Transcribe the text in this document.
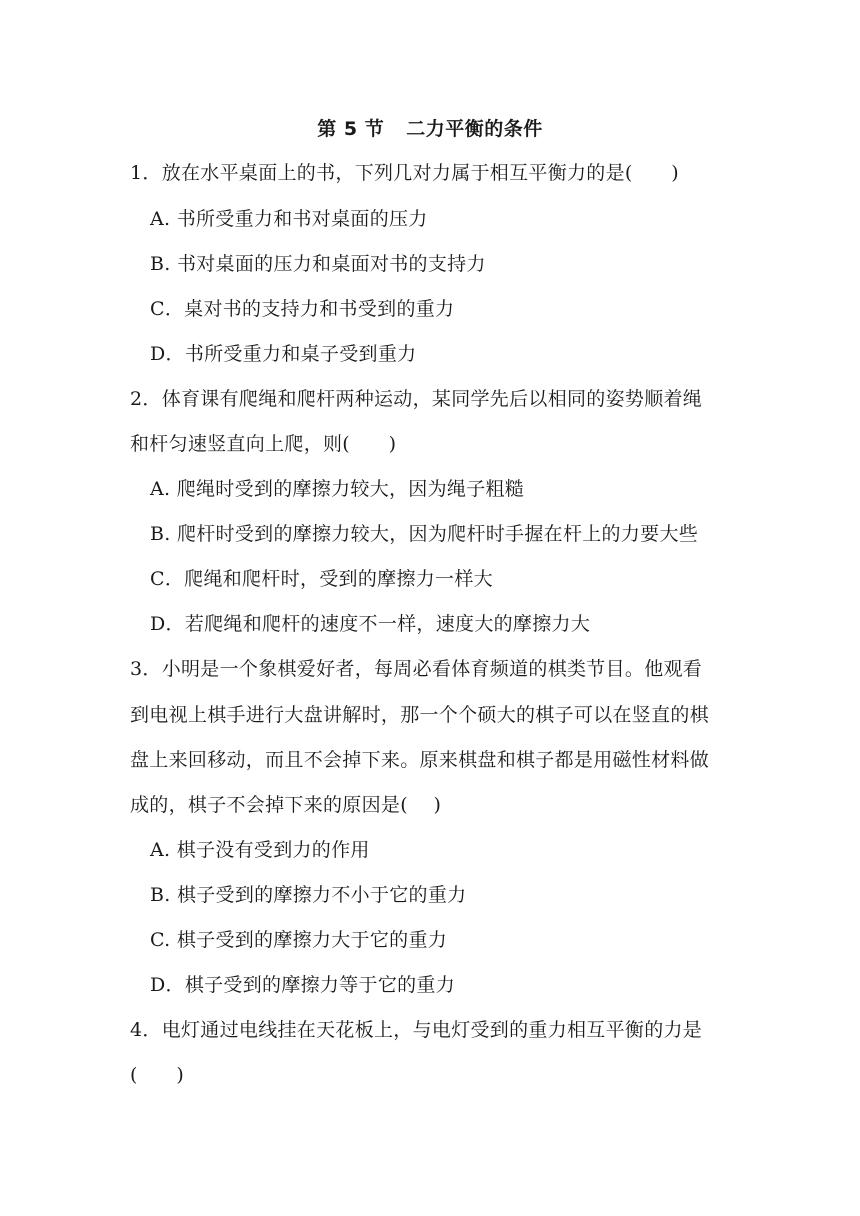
第 5 节 二力平衡的条件
1．放在水平桌面上的书，下列几对力属于相互平衡力的是(　　)
A. 书所受重力和书对桌面的压力
B. 书对桌面的压力和桌面对书的支持力
C．桌对书的支持力和书受到的重力
D．书所受重力和桌子受到重力
2．体育课有爬绳和爬杆两种运动，某同学先后以相同的姿势顺着绳
和杆匀速竖直向上爬，则(　　)
A. 爬绳时受到的摩擦力较大，因为绳子粗糙
B. 爬杆时受到的摩擦力较大，因为爬杆时手握在杆上的力要大些
C．爬绳和爬杆时，受到的摩擦力一样大
D．若爬绳和爬杆的速度不一样，速度大的摩擦力大
3．小明是一个象棋爱好者，每周必看体育频道的棋类节目。他观看
到电视上棋手进行大盘讲解时，那一个个硕大的棋子可以在竖直的棋
盘上来回移动，而且不会掉下来。原来棋盘和棋子都是用磁性材料做
成的，棋子不会掉下来的原因是(　 )
A. 棋子没有受到力的作用
B. 棋子受到的摩擦力不小于它的重力
C. 棋子受到的摩擦力大于它的重力
D．棋子受到的摩擦力等于它的重力
4．电灯通过电线挂在天花板上，与电灯受到的重力相互平衡的力是
(　　)
